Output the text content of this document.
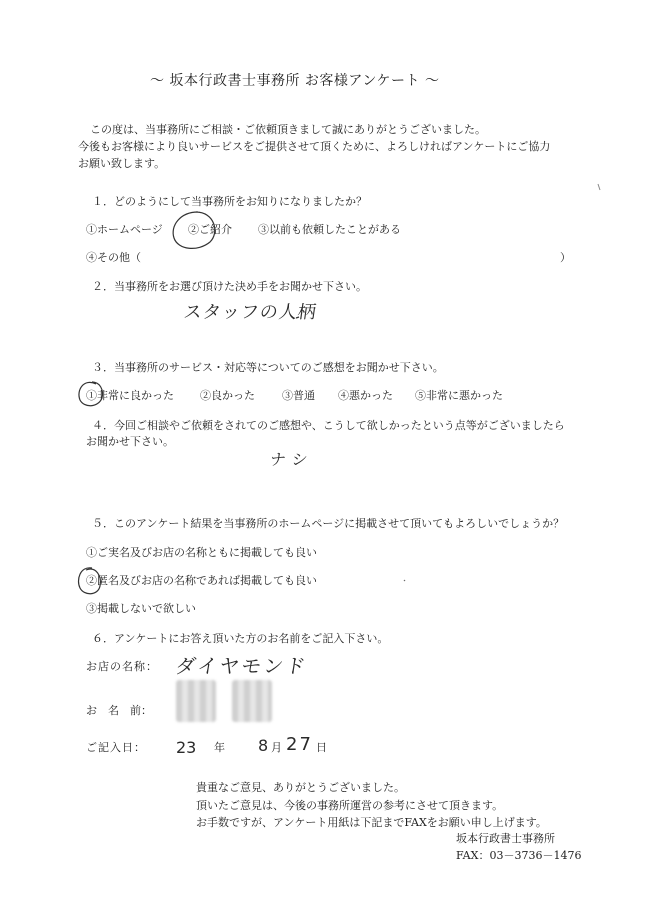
～ 坂本行政書士事務所 お客様アンケート ～
この度は、当事務所にご相談・ご依頼頂きまして誠にありがとうございました。
今後もお客様により良いサービスをご提供させて頂くために、よろしければアンケートにご協力
お願い致します。
１．どのようにして当事務所をお知りになりましたか？
①ホームページ ②ご紹介 ③以前も依頼したことがある
④その他（	）
２．当事務所をお選び頂けた決め手をお聞かせ下さい。
スタッフの人柄
３．当事務所のサービス・対応等についてのご感想をお聞かせ下さい。
①非常に良かった ②良かった ③普通 ④悪かった ⑤非常に悪かった
４．今回ご相談やご依頼をされてのご感想や、こうして欲しかったという点等がございましたら
お聞かせ下さい。
ナシ
５．このアンケート結果を当事務所のホームページに掲載させて頂いてもよろしいでしょうか？
①ご実名及びお店の名称ともに掲載しても良い
②匿名及びお店の名称であれば掲載しても良い
③掲載しないで欲しい
６．アンケートにお答え頂いた方のお名前をご記入下さい。
お店の名称： ダイヤモンド
お　名　前：
ご記入日： 23 年 8 月 27 日
貴重なご意見、ありがとうございました。
頂いたご意見は、今後の事務所運営の参考にさせて頂きます。
お手数ですが、アンケート用紙は下記までFAXをお願い申し上げます。
坂本行政書士事務所
FAX：03－3736－1476
